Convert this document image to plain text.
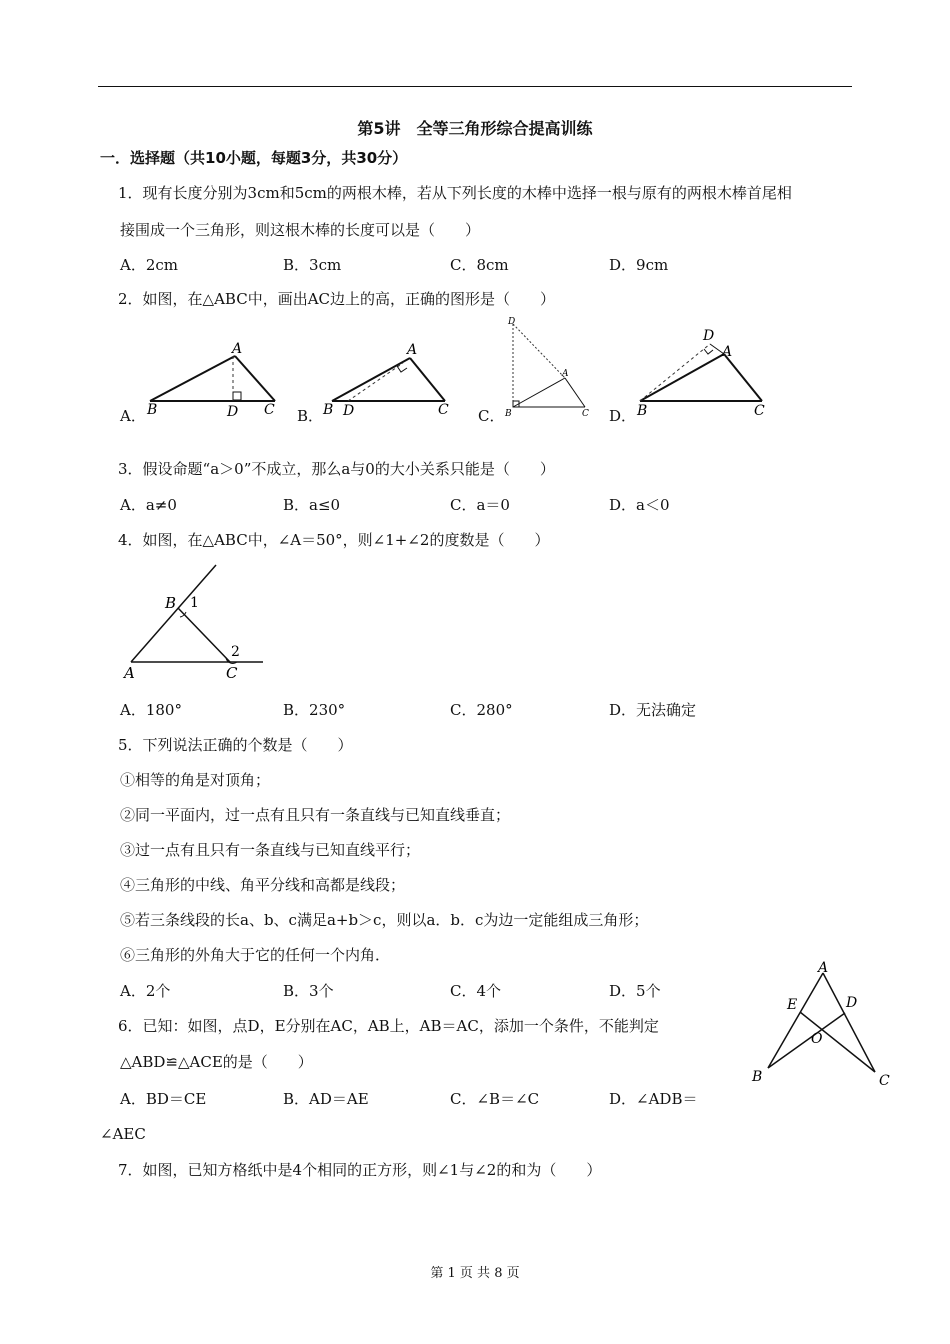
第5讲　全等三角形综合提高训练
一．选择题（共10小题，每题3分，共30分）
1．现有长度分别为3cm和5cm的两根木棒，若从下列长度的木棒中选择一根与原有的两根木棒首尾相
接围成一个三角形，则这根木棒的长度可以是（　　）
A．2cm	B．3cm	C．8cm	D．9cm
2．如图，在△ABC中，画出AC边上的高，正确的图形是（　　）
A
B	D C
A
B D	C
D
A
B	C
D
A
B	C
A．	B．	C．	D．
3．假设命题“a＞0”不成立，那么a与0的大小关系只能是（　　）
A．a≠0	B．a≤0	C．a＝0	D．a＜0
4．如图，在△ABC中，∠A＝50°，则∠1+∠2的度数是（　　）
B 1
2
A	C
A．180°	B．230°	C．280°	D．无法确定
5．下列说法正确的个数是（　　）
①相等的角是对顶角；
②同一平面内，过一点有且只有一条直线与已知直线垂直；
③过一点有且只有一条直线与已知直线平行；
④三角形的中线、角平分线和高都是线段；
⑤若三条线段的长a、b、c满足a+b＞c，则以a．b．c为边一定能组成三角形；
⑥三角形的外角大于它的任何一个内角．
A．2个	B．3个	C．4个	D．5个
A
E	D
O
B	C
6．已知：如图，点D，E分别在AC，AB上，AB＝AC，添加一个条件，不能判定
△ABD≌△ACE的是（　　）
A．BD＝CE	B．AD＝AE	C．∠B＝∠C	D．∠ADB＝
∠AEC
7．如图，已知方格纸中是4个相同的正方形，则∠1与∠2的和为（　　）
第 1 页 共 8 页
